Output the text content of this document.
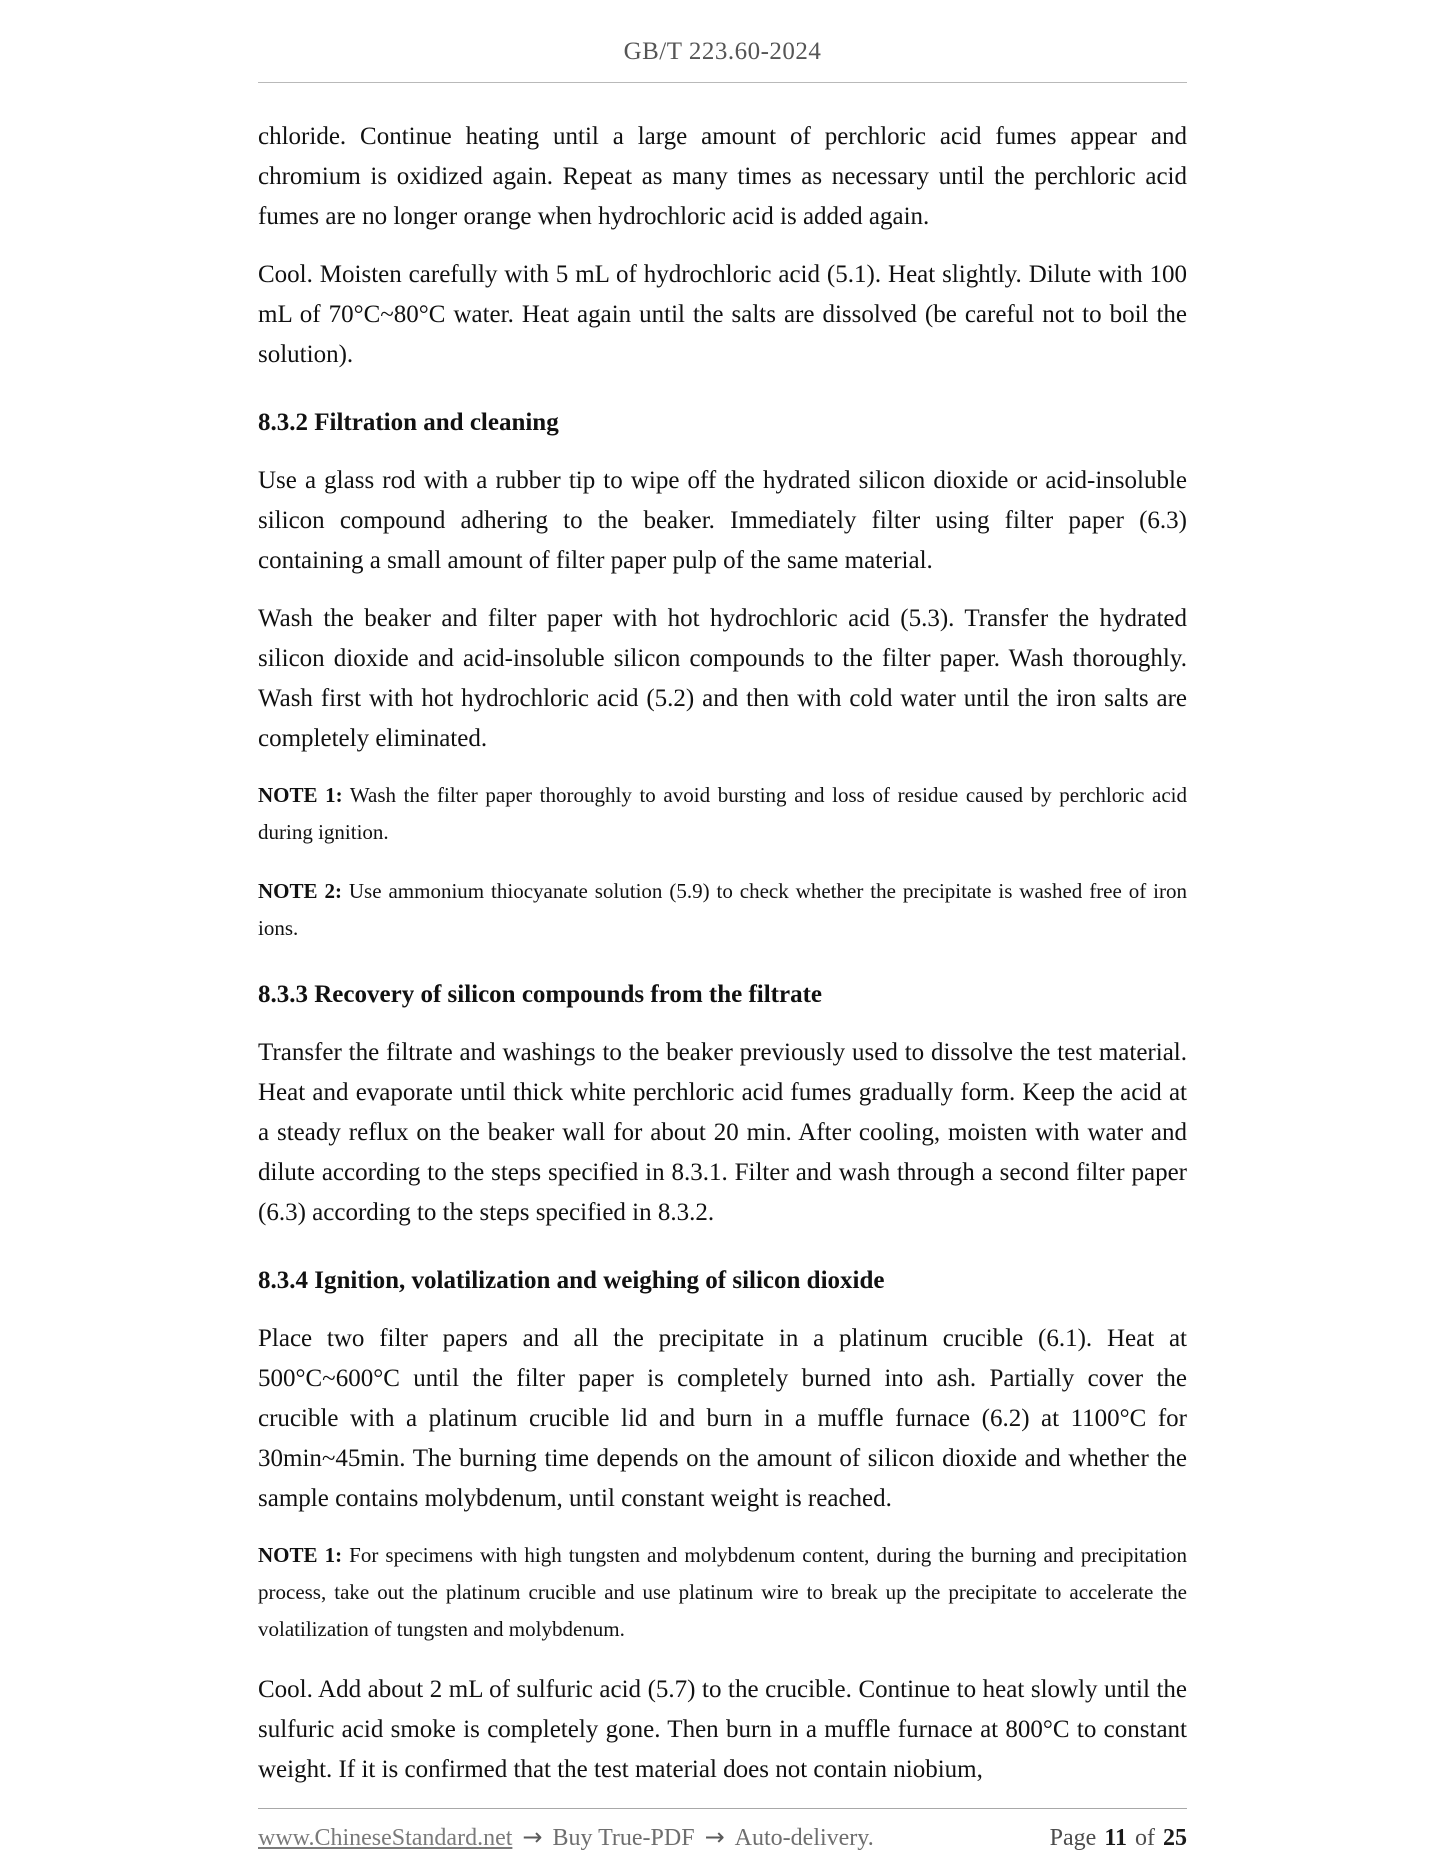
GB/T 223.60-2024

chloride. Continue heating until a large amount of perchloric acid fumes appear and chromium is oxidized again. Repeat as many times as necessary until the perchloric acid fumes are no longer orange when hydrochloric acid is added again.

Cool. Moisten carefully with 5 mL of hydrochloric acid (5.1). Heat slightly. Dilute with 100 mL of 70°C~80°C water. Heat again until the salts are dissolved (be careful not to boil the solution).

8.3.2 Filtration and cleaning

Use a glass rod with a rubber tip to wipe off the hydrated silicon dioxide or acid-insoluble silicon compound adhering to the beaker. Immediately filter using filter paper (6.3) containing a small amount of filter paper pulp of the same material.

Wash the beaker and filter paper with hot hydrochloric acid (5.3). Transfer the hydrated silicon dioxide and acid-insoluble silicon compounds to the filter paper. Wash thoroughly. Wash first with hot hydrochloric acid (5.2) and then with cold water until the iron salts are completely eliminated.

NOTE 1: Wash the filter paper thoroughly to avoid bursting and loss of residue caused by perchloric acid during ignition.

NOTE 2: Use ammonium thiocyanate solution (5.9) to check whether the precipitate is washed free of iron ions.

8.3.3 Recovery of silicon compounds from the filtrate

Transfer the filtrate and washings to the beaker previously used to dissolve the test material. Heat and evaporate until thick white perchloric acid fumes gradually form. Keep the acid at a steady reflux on the beaker wall for about 20 min. After cooling, moisten with water and dilute according to the steps specified in 8.3.1. Filter and wash through a second filter paper (6.3) according to the steps specified in 8.3.2.

8.3.4 Ignition, volatilization and weighing of silicon dioxide

Place two filter papers and all the precipitate in a platinum crucible (6.1). Heat at 500°C~600°C until the filter paper is completely burned into ash. Partially cover the crucible with a platinum crucible lid and burn in a muffle furnace (6.2) at 1100°C for 30min~45min. The burning time depends on the amount of silicon dioxide and whether the sample contains molybdenum, until constant weight is reached.

NOTE 1: For specimens with high tungsten and molybdenum content, during the burning and precipitation process, take out the platinum crucible and use platinum wire to break up the precipitate to accelerate the volatilization of tungsten and molybdenum.

Cool. Add about 2 mL of sulfuric acid (5.7) to the crucible. Continue to heat slowly until the sulfuric acid smoke is completely gone. Then burn in a muffle furnace at 800°C to constant weight. If it is confirmed that the test material does not contain niobium,

www.ChineseStandard.net → Buy True-PDF → Auto-delivery.	Page 11 of 25
